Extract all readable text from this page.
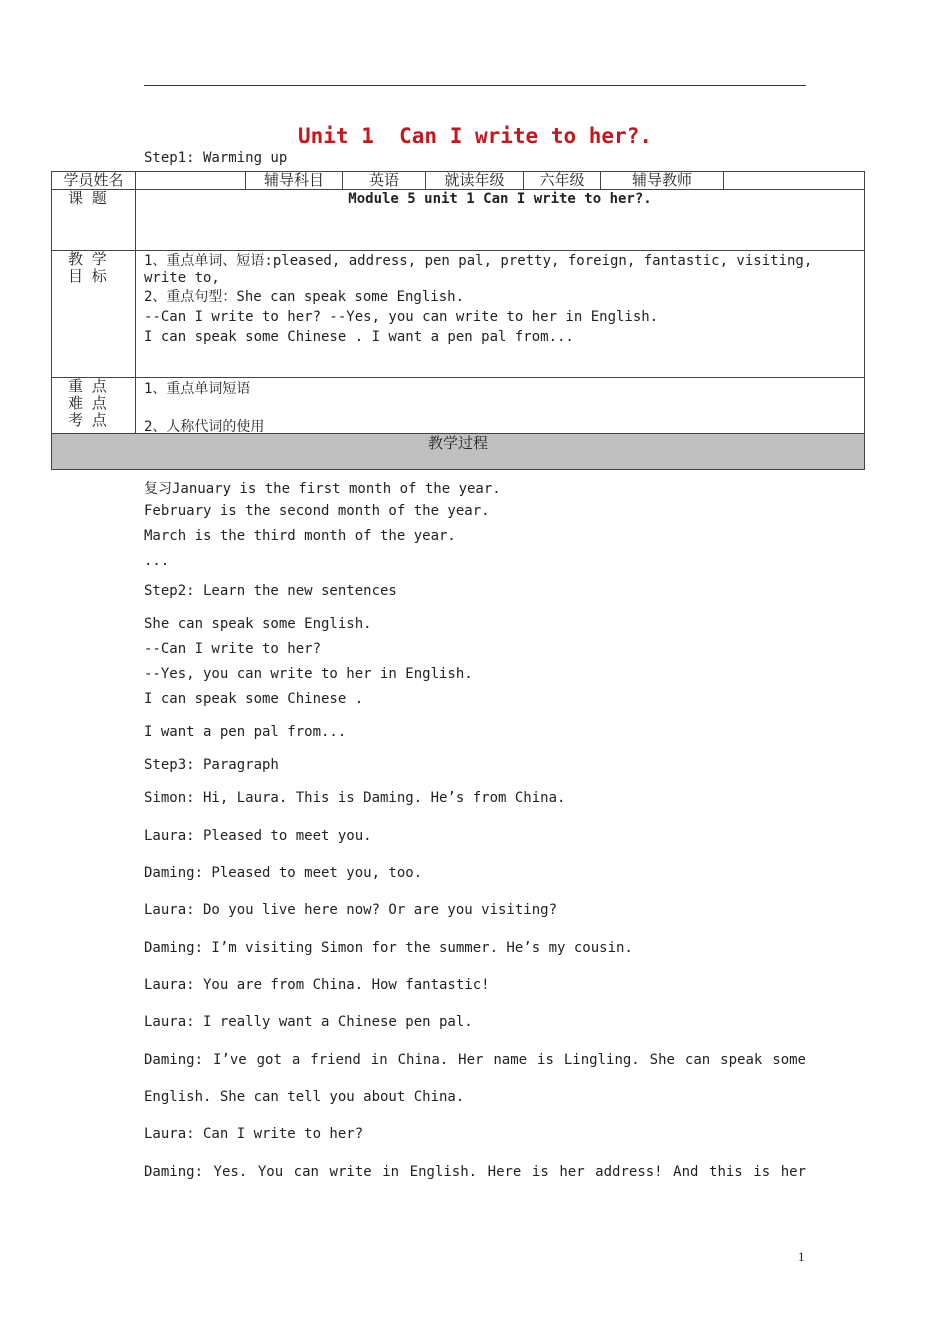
Unit 1  Can I write to her?.
Step1: Warming up
学员姓名		辅导科目	英语	就读年级	六年级	辅导教师	
课 题	Module 5 unit 1 Can I write to her?.						

教 学
目 标	1、重点单词、短语:pleased, address, pen pal, pretty, foreign, fantastic, visiting,
write to,
2、重点句型：She can speak some English.
--Can I write to her? --Yes, you can write to her in English.
I can speak some Chinese . I want a pen pal from...						

重 点
难 点
考 点	1、重点单词短语
2、人称代词的使用						

教学过程							
复习January is the first month of the year.
February is the second month of the year.
March is the third month of the year.
...
Step2: Learn the new sentences
She can speak some English.
--Can I write to her?
--Yes, you can write to her in English.
I can speak some Chinese .
I want a pen pal from...
Step3: Paragraph
Simon: Hi, Laura. This is Daming. He’s from China.
Laura: Pleased to meet you.
Daming: Pleased to meet you, too.
Laura: Do you live here now? Or are you visiting?
Daming: I’m visiting Simon for the summer. He’s my cousin.
Laura: You are from China. How fantastic!
Laura: I really want a Chinese pen pal.
Daming: I’ve got a friend in China. Her name is Lingling. She can speak some
English. She can tell you about China.
Laura: Can I write to her?
Daming: Yes. You can write in English. Here is her address! And this is her
1
